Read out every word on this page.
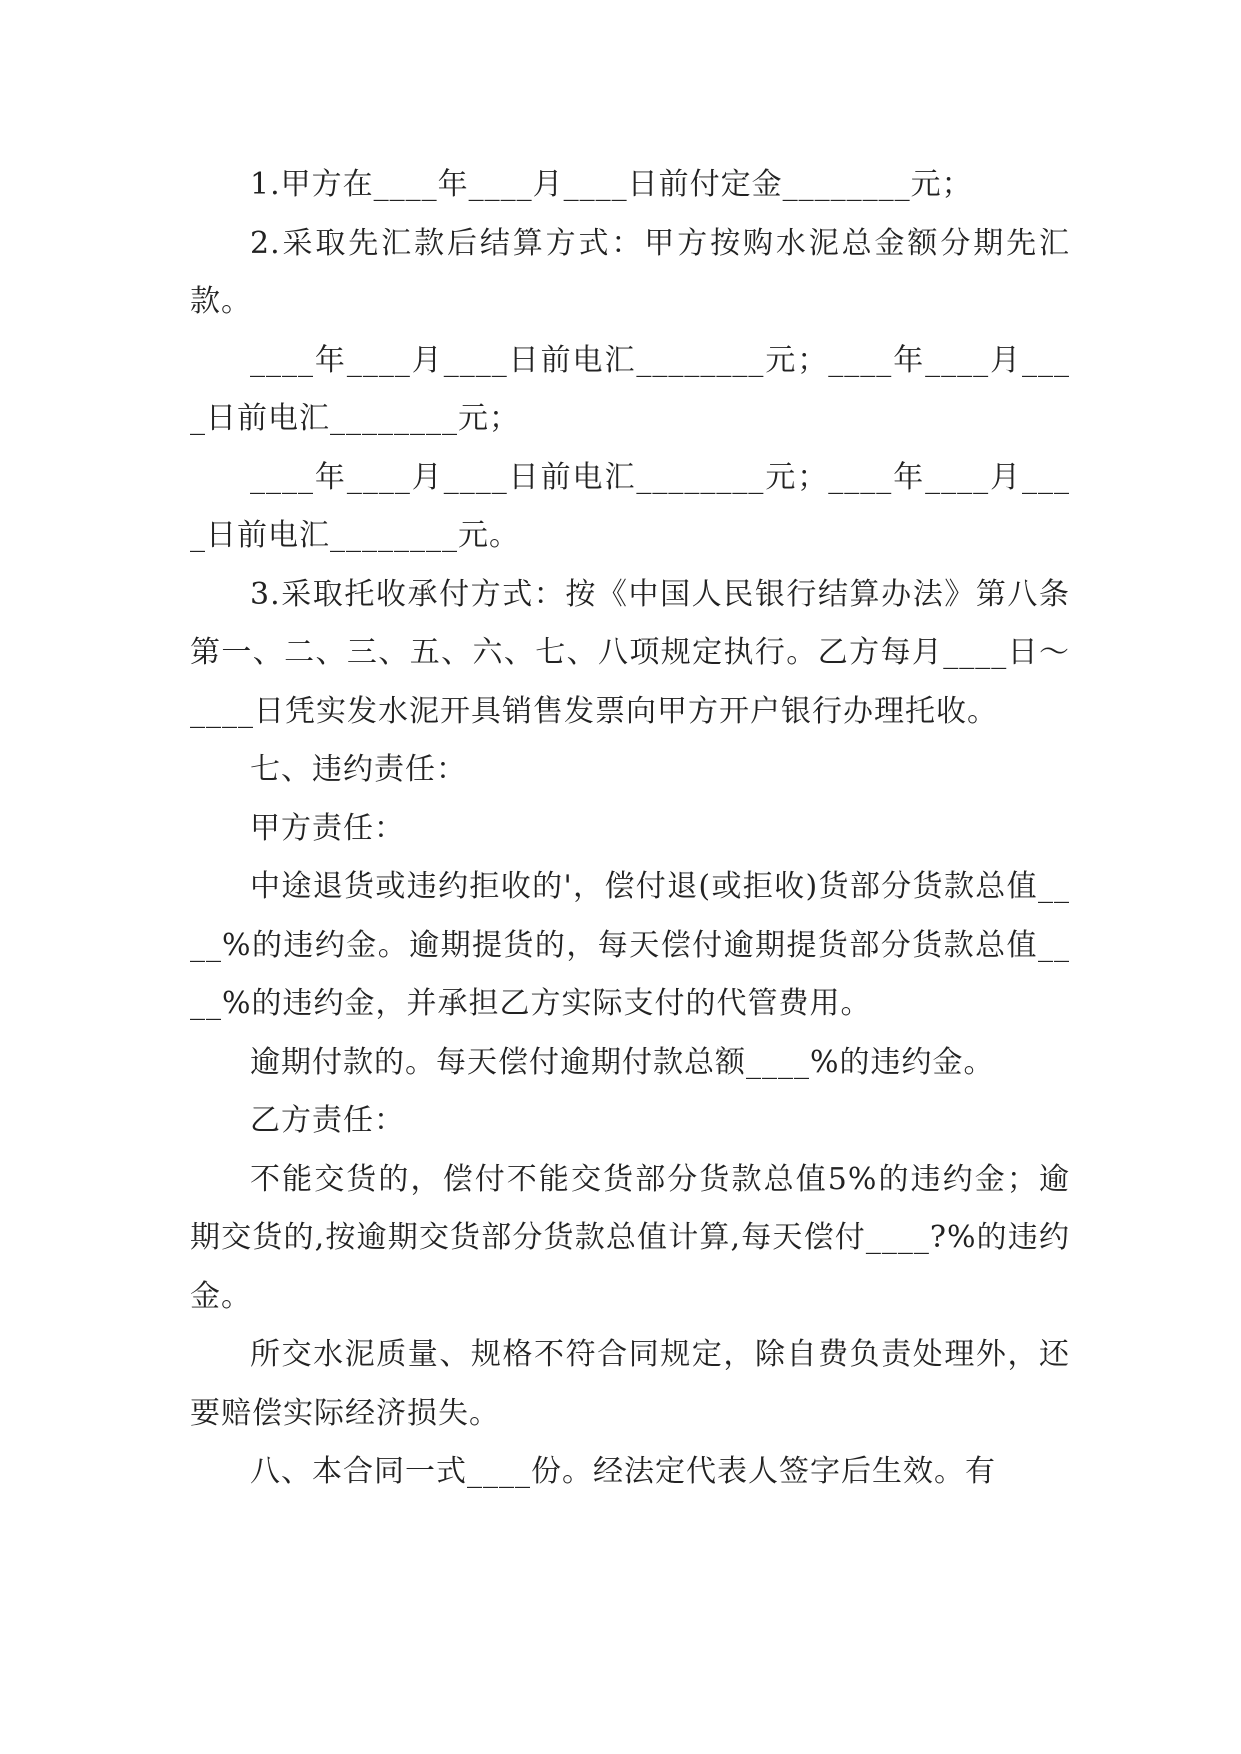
1.甲方在____年____月____日前付定金________元；

2.采取先汇款后结算方式：甲方按购水泥总金额分期先汇款。

____年____月____日前电汇________元；____年____月____日前电汇________元；

____年____月____日前电汇________元；____年____月____日前电汇________元。

3.采取托收承付方式：按《中国人民银行结算办法》第八条第一、二、三、五、六、七、八项规定执行。乙方每月____日～____日凭实发水泥开具销售发票向甲方开户银行办理托收。

七、违约责任：

甲方责任：

中途退货或违约拒收的'，偿付退(或拒收)货部分货款总值____%的违约金。逾期提货的，每天偿付逾期提货部分货款总值____%的违约金，并承担乙方实际支付的代管费用。

逾期付款的。每天偿付逾期付款总额____%的违约金。

乙方责任：

不能交货的，偿付不能交货部分货款总值5%的违约金；逾期交货的,按逾期交货部分货款总值计算,每天偿付____?%的违约金。

所交水泥质量、规格不符合同规定，除自费负责处理外，还要赔偿实际经济损失。

八、本合同一式____份。经法定代表人签字后生效。有
